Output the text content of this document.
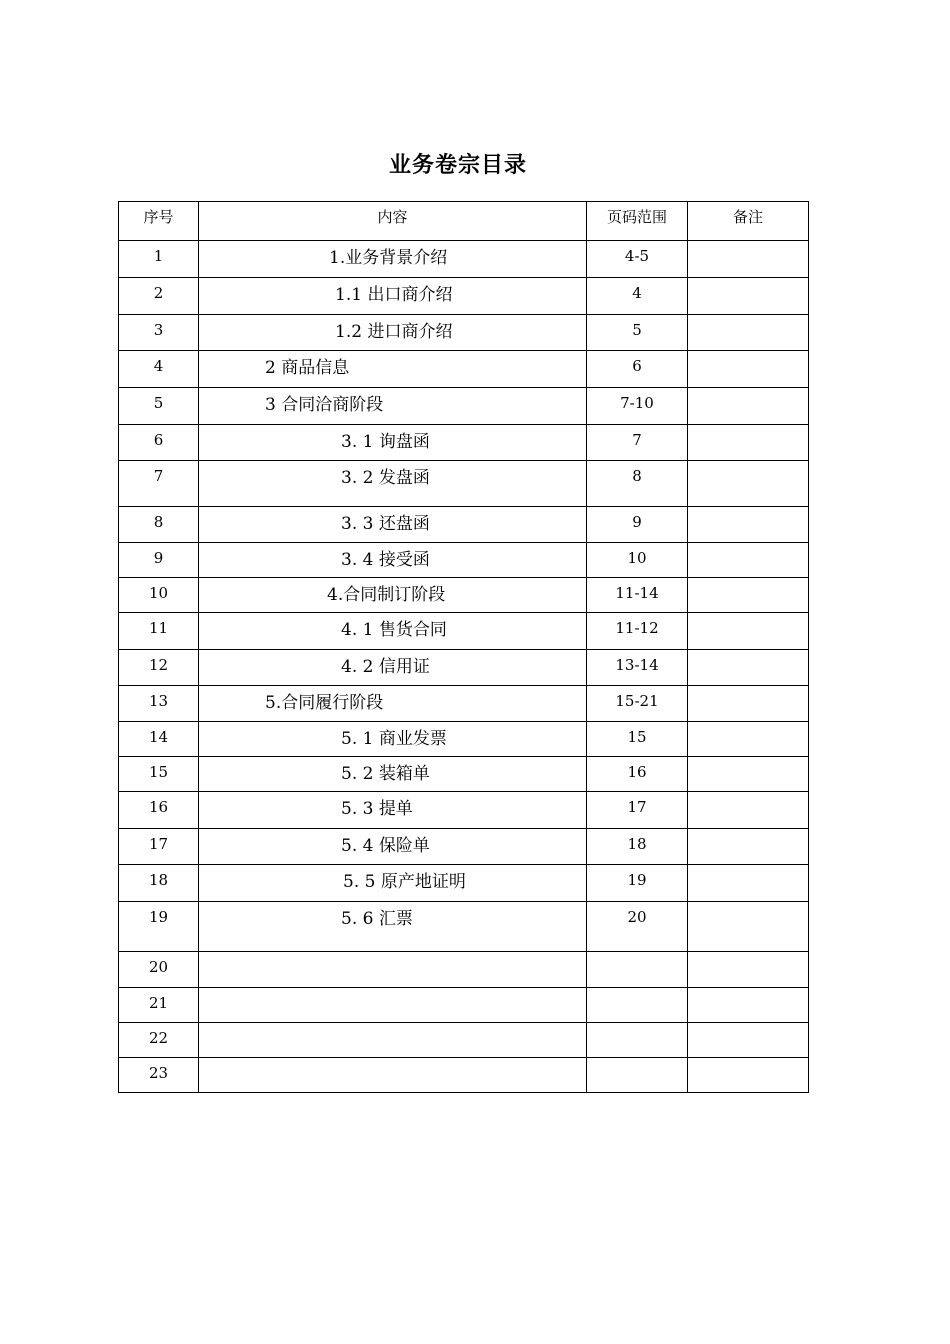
业务卷宗目录
序号	内容	页码范围	备注
1	1.业务背景介绍	4-5	
2	1.1 出口商介绍	4	
3	1.2 进口商介绍	5	
4	2 商品信息	6	
5	3 合同洽商阶段	7-10	
6	3. 1 询盘函	7	
7	3. 2 发盘函	8	
8	3. 3 还盘函	9	
9	3. 4 接受函	10	
10	4.合同制订阶段	11-14	
11	4. 1 售货合同	11-12	
12	4. 2 信用证	13-14	
13	5.合同履行阶段	15-21	
14	5. 1 商业发票	15	
15	5. 2 装箱单	16	
16	5. 3 提单	17	
17	5. 4 保险单	18	
18	5. 5 原产地证明	19	
19	5. 6 汇票	20	
20			
21			
22			
23			
